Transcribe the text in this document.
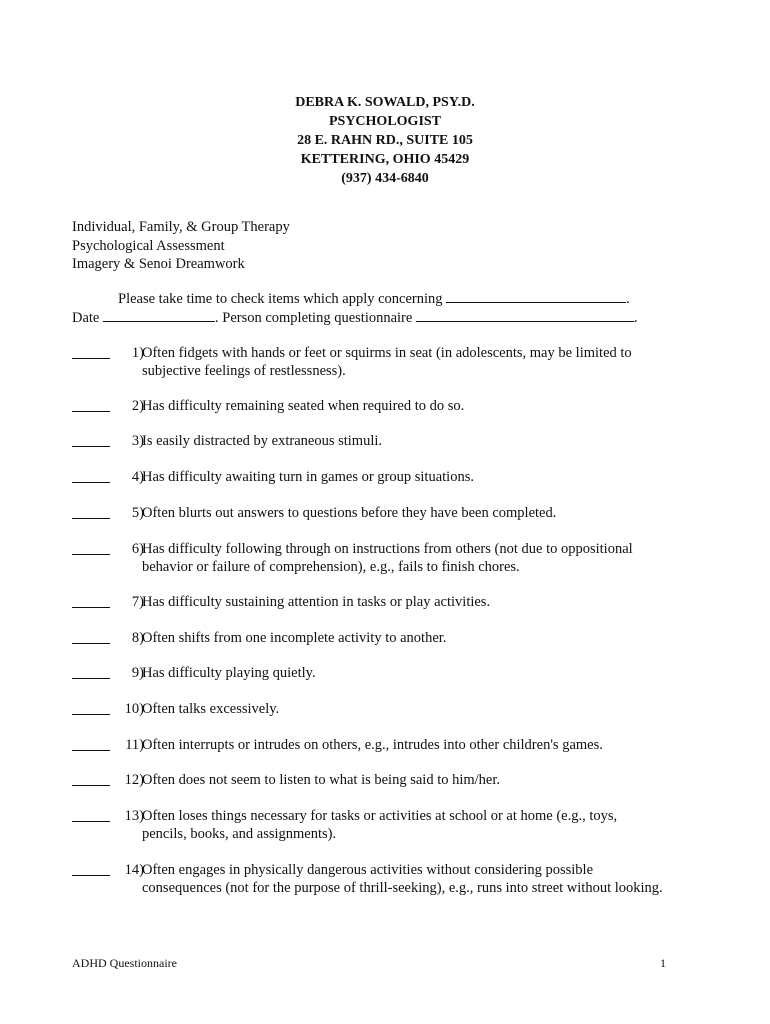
DEBRA K. SOWALD, PSY.D.
PSYCHOLOGIST
28 E. RAHN RD., SUITE 105
KETTERING, OHIO 45429
(937) 434-6840
Individual, Family, & Group Therapy
Psychological Assessment
Imagery & Senoi Dreamwork
Please take time to check items which apply concerning	.
Date	. Person completing questionnaire	.
1)
Often fidgets with hands or feet or squirms in seat (in adolescents, may be limited to
subjective feelings of restlessness).
2)
Has difficulty remaining seated when required to do so.
3)
Is easily distracted by extraneous stimuli.
4)
Has difficulty awaiting turn in games or group situations.
5)
Often blurts out answers to questions before they have been completed.
6)
Has difficulty following through on instructions from others (not due to oppositional
behavior or failure of comprehension), e.g., fails to finish chores.
7)
Has difficulty sustaining attention in tasks or play activities.
8)
Often shifts from one incomplete activity to another.
9)
Has difficulty playing quietly.
10)
Often talks excessively.
11)
Often interrupts or intrudes on others, e.g., intrudes into other children's games.
12)
Often does not seem to listen to what is being said to him/her.
13)
Often loses things necessary for tasks or activities at school or at home (e.g., toys,
pencils, books, and assignments).
14)
Often engages in physically dangerous activities without considering possible
consequences (not for the purpose of thrill-seeking), e.g., runs into street without looking.
ADHD Questionnaire	1
